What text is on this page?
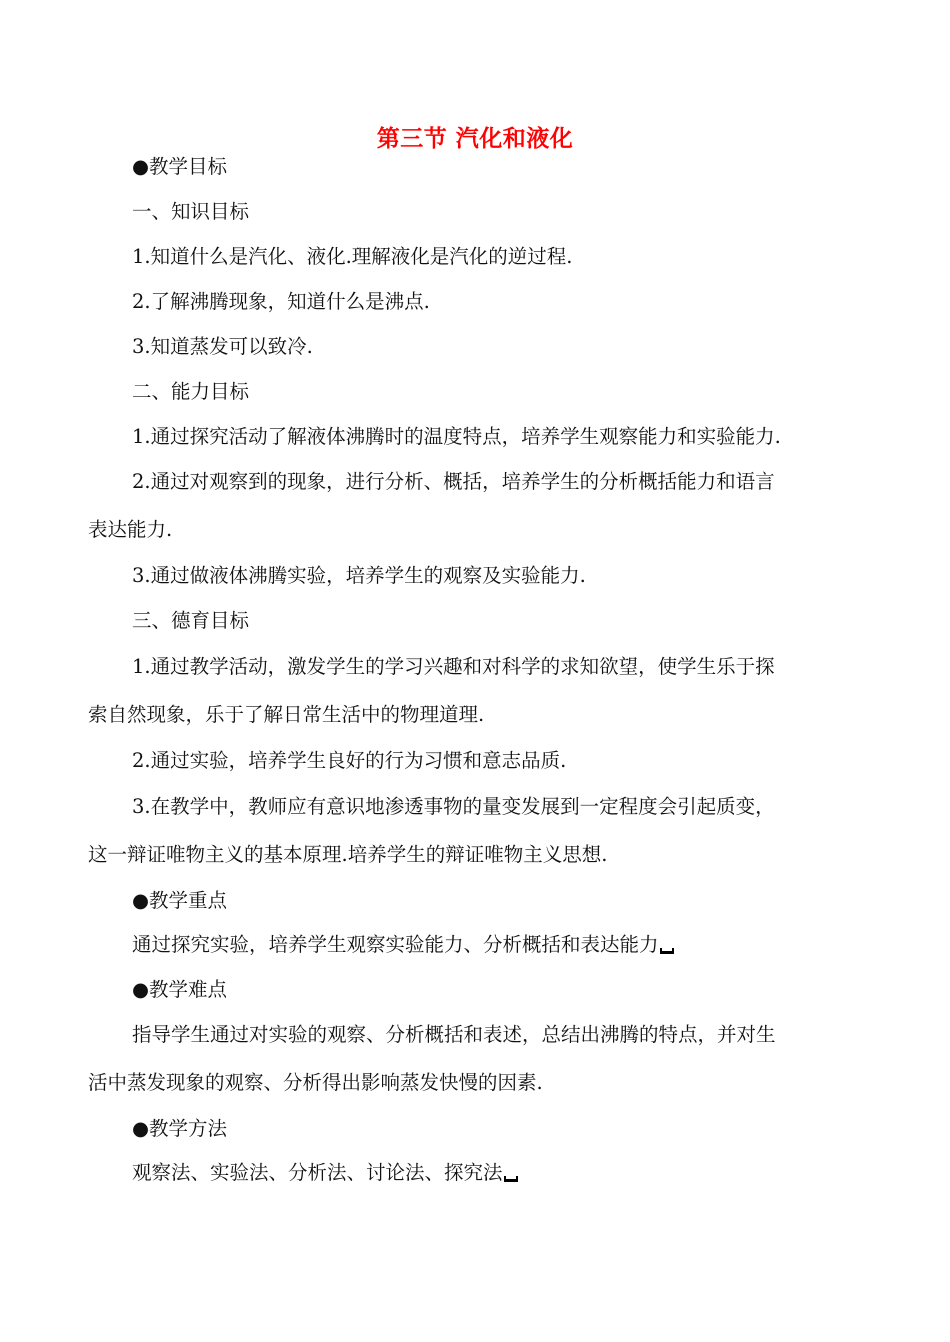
第三节 汽化和液化
●教学目标
一、知识目标
1.知道什么是汽化、液化.理解液化是汽化的逆过程.
2.了解沸腾现象，知道什么是沸点.
3.知道蒸发可以致冷.
二、能力目标
1.通过探究活动了解液体沸腾时的温度特点，培养学生观察能力和实验能力.
2.通过对观察到的现象，进行分析、概括，培养学生的分析概括能力和语言
表达能力.
3.通过做液体沸腾实验，培养学生的观察及实验能力.
三、德育目标
1.通过教学活动，激发学生的学习兴趣和对科学的求知欲望，使学生乐于探
索自然现象，乐于了解日常生活中的物理道理.
2.通过实验，培养学生良好的行为习惯和意志品质.
3.在教学中，教师应有意识地渗透事物的量变发展到一定程度会引起质变，
这一辩证唯物主义的基本原理.培养学生的辩证唯物主义思想.
●教学重点
通过探究实验，培养学生观察实验能力、分析概括和表达能力
●教学难点
指导学生通过对实验的观察、分析概括和表述，总结出沸腾的特点，并对生
活中蒸发现象的观察、分析得出影响蒸发快慢的因素.
●教学方法
观察法、实验法、分析法、讨论法、探究法
